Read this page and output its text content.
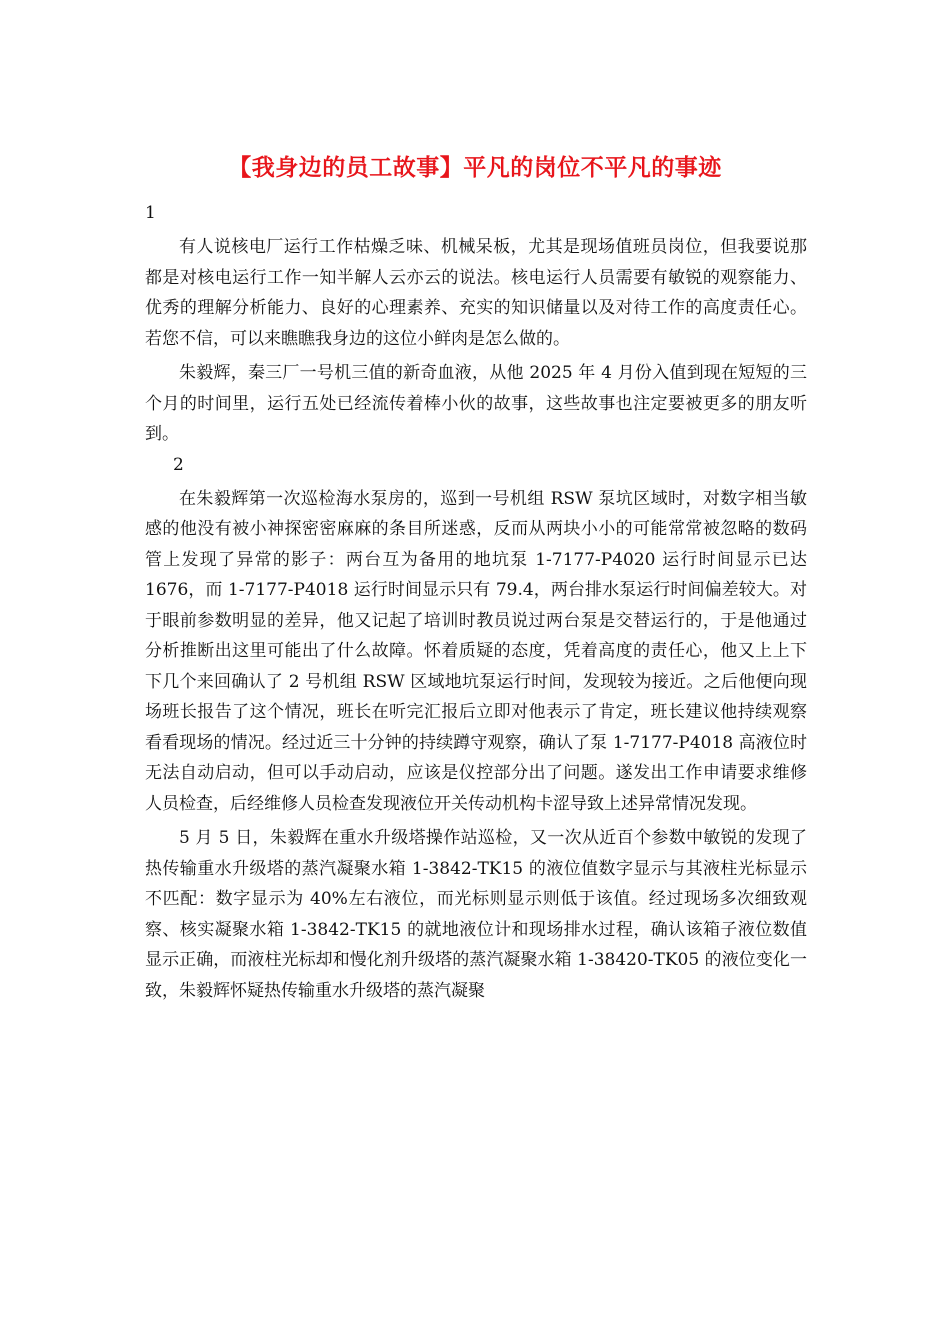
【我身边的员工故事】平凡的岗位不平凡的事迹
1

有人说核电厂运行工作枯燥乏味、机械呆板，尤其是现场值班员岗位，但我要说那都是对核电运行工作一知半解人云亦云的说法。核电运行人员需要有敏锐的观察能力、优秀的理解分析能力、良好的心理素养、充实的知识储量以及对待工作的高度责任心。若您不信，可以来瞧瞧我身边的这位小鲜肉是怎么做的。

朱毅辉，秦三厂一号机三值的新奇血液，从他 2025 年 4 月份入值到现在短短的三个月的时间里，运行五处已经流传着棒小伙的故事，这些故事也注定要被更多的朋友听到。

2

在朱毅辉第一次巡检海水泵房的，巡到一号机组 RSW 泵坑区域时，对数字相当敏感的他没有被小神探密密麻麻的条目所迷惑，反而从两块小小的可能常常被忽略的数码管上发现了异常的影子：两台互为备用的地坑泵 1-7177-P4020 运行时间显示已达 1676，而 1-7177-P4018 运行时间显示只有 79.4，两台排水泵运行时间偏差较大。对于眼前参数明显的差异，他又记起了培训时教员说过两台泵是交替运行的，于是他通过分析推断出这里可能出了什么故障。怀着质疑的态度，凭着高度的责任心，他又上上下下几个来回确认了 2 号机组 RSW 区域地坑泵运行时间，发现较为接近。之后他便向现场班长报告了这个情况，班长在听完汇报后立即对他表示了肯定，班长建议他持续观察看看现场的情况。经过近三十分钟的持续蹲守观察，确认了泵 1-7177-P4018 高液位时无法自动启动，但可以手动启动，应该是仪控部分出了问题。遂发出工作申请要求维修人员检查，后经维修人员检查发现液位开关传动机构卡涩导致上述异常情况发现。

5 月 5 日，朱毅辉在重水升级塔操作站巡检，又一次从近百个参数中敏锐的发现了热传输重水升级塔的蒸汽凝聚水箱 1-3842-TK15 的液位值数字显示与其液柱光标显示不匹配：数字显示为 40%左右液位，而光标则显示则低于该值。经过现场多次细致观察、核实凝聚水箱 1-3842-TK15 的就地液位计和现场排水过程，确认该箱子液位数值显示正确，而液柱光标却和慢化剂升级塔的蒸汽凝聚水箱 1-38420-TK05 的液位变化一致，朱毅辉怀疑热传输重水升级塔的蒸汽凝聚
